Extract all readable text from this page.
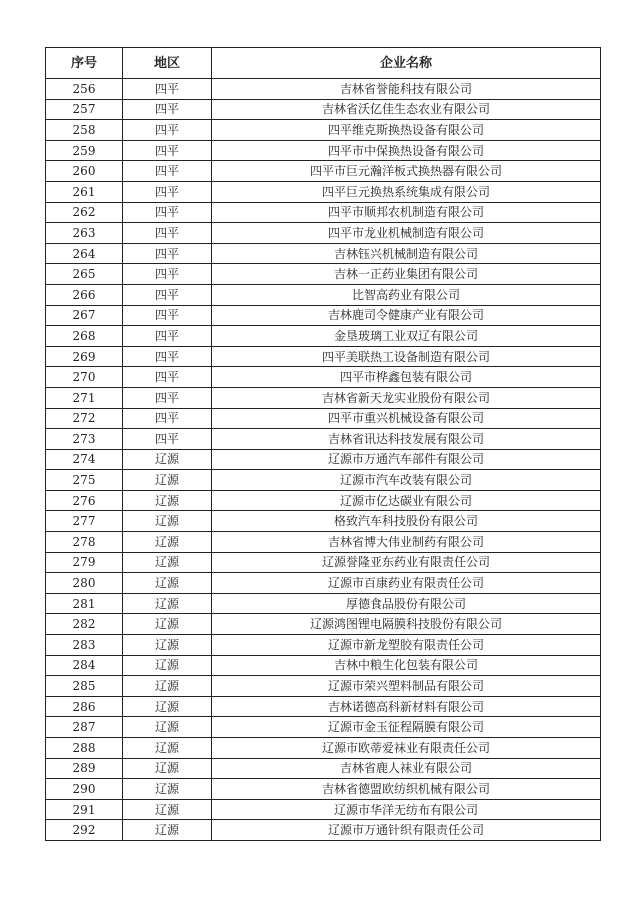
序号	地区	企业名称
256	四平	吉林省誉能科技有限公司
257	四平	吉林省沃亿佳生态农业有限公司
258	四平	四平维克斯换热设备有限公司
259	四平	四平市中保换热设备有限公司
260	四平	四平市巨元瀚洋板式换热器有限公司
261	四平	四平巨元换热系统集成有限公司
262	四平	四平市顺邦农机制造有限公司
263	四平	四平市龙业机械制造有限公司
264	四平	吉林钰兴机械制造有限公司
265	四平	吉林一正药业集团有限公司
266	四平	比智高药业有限公司
267	四平	吉林鹿司令健康产业有限公司
268	四平	金垦玻璃工业双辽有限公司
269	四平	四平美联热工设备制造有限公司
270	四平	四平市桦鑫包装有限公司
271	四平	吉林省新天龙实业股份有限公司
272	四平	四平市重兴机械设备有限公司
273	四平	吉林省讯达科技发展有限公司
274	辽源	辽源市万通汽车部件有限公司
275	辽源	辽源市汽车改装有限公司
276	辽源	辽源市亿达碳业有限公司
277	辽源	格致汽车科技股份有限公司
278	辽源	吉林省博大伟业制药有限公司
279	辽源	辽源誉隆亚东药业有限责任公司
280	辽源	辽源市百康药业有限责任公司
281	辽源	厚德食品股份有限公司
282	辽源	辽源鸿图锂电隔膜科技股份有限公司
283	辽源	辽源市新龙塑胶有限责任公司
284	辽源	吉林中粮生化包装有限公司
285	辽源	辽源市荣兴塑料制品有限公司
286	辽源	吉林诺德高科新材料有限公司
287	辽源	辽源市金玉征程隔膜有限公司
288	辽源	辽源市欧蒂爱袜业有限责任公司
289	辽源	吉林省鹿人袜业有限公司
290	辽源	吉林省德盟欧纺织机械有限公司
291	辽源	辽源市华洋无纺布有限公司
292	辽源	辽源市万通针织有限责任公司
